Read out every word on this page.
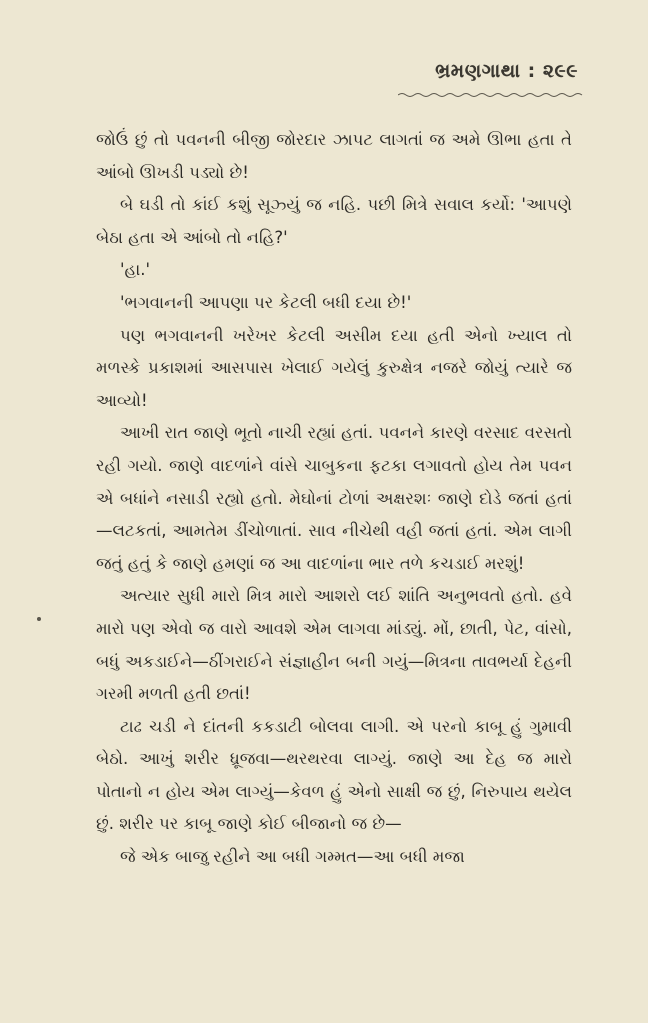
ભ્રમણગાથા : ૨૯૯

જોઉં છું તો પવનની બીજી જોરદાર ઝાપટ લાગતાં જ અમે ઊભા હતા તે આંબો ઊખડી પડ્યો છે!

બે ઘડી તો કાંઈ કશું સૂઝ્યું જ નહિ. પછી મિત્રે સવાલ કર્યો: 'આપણે બેઠા હતા એ આંબો તો નહિ?'

'હા.'

'ભગવાનની આપણા પર કેટલી બધી દયા છે!'

પણ ભગવાનની ખરેખર કેટલી અસીમ દયા હતી એનો ખ્યાલ તો મળસ્કે પ્રકાશમાં આસપાસ ખેલાઈ ગયેલું કુરુક્ષેત્ર નજરે જોયું ત્યારે જ આવ્યો!

આખી રાત જાણે ભૂતો નાચી રહ્યાં હતાં. પવનને કારણે વરસાદ વરસતો રહી ગયો. જાણે વાદળાંને વાંસે ચાબુકના ફટકા લગાવતો હોય તેમ પવન એ બધાંને નસાડી રહ્યો હતો. મેઘોનાં ટોળાં અક્ષરશઃ જાણે દોડે જતાં હતાં—લટકતાં, આમતેમ ડીંચોળાતાં. સાવ નીચેથી વહી જતાં હતાં. એમ લાગી જતું હતું કે જાણે હમણાં જ આ વાદળાંના ભાર તળે કચડાઈ મરશું!

અત્યાર સુધી મારો મિત્ર મારો આશરો લઈ શાંતિ અનુભવતો હતો. હવે મારો પણ એવો જ વારો આવશે એમ લાગવા માંડ્યું. મોં, છાતી, પેટ, વાંસો, બધું અકડાઈને—ઠીંગરાઈને સંજ્ઞાહીન બની ગયું—મિત્રના તાવભર્યા દેહની ગરમી મળતી હતી છતાં!

ટાઢ ચડી ને દાંતની કકડાટી બોલવા લાગી. એ પરનો કાબૂ હું ગુમાવી બેઠો. આખું શરીર ધ્રૂજવા—થરથરવા લાગ્યું. જાણે આ દેહ જ મારો પોતાનો ન હોય એમ લાગ્યું—કેવળ હું એનો સાક્ષી જ છું, નિરુપાય થયેલ છું. શરીર પર કાબૂ જાણે કોઈ બીજાનો જ છે—

જે એક બાજુ રહીને આ બધી ગમ્મત—આ બધી મજા
